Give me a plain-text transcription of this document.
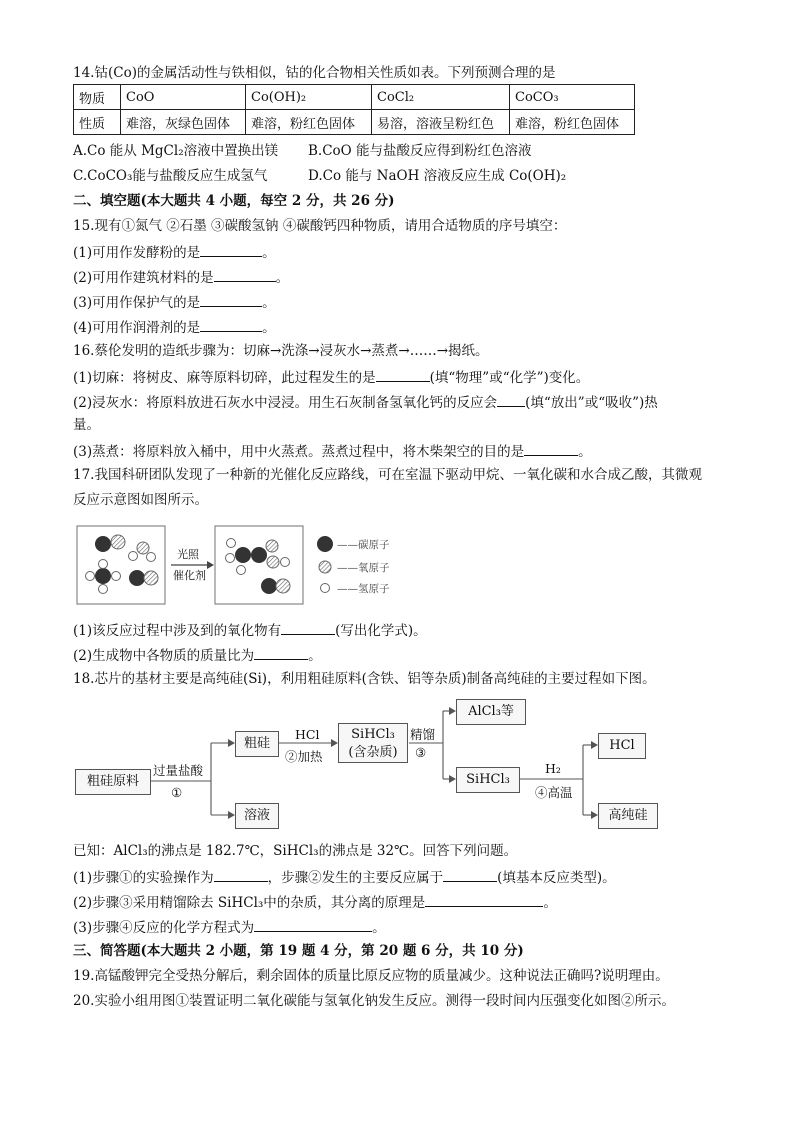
14.钴(Co)的金属活动性与铁相似，钴的化合物相关性质如表。下列预测合理的是
物质	CoO	Co(OH)₂	CoCl₂	CoCO₃
性质	难溶，灰绿色固体	难溶，粉红色固体	易溶，溶液呈粉红色	难溶，粉红色固体
A.Co 能从 MgCl₂溶液中置换出镁 B.CoO 能与盐酸反应得到粉红色溶液
C.CoCO₃能与盐酸反应生成氢气	D.Co 能与 NaOH 溶液反应生成 Co(OH)₂
二、填空题(本大题共 4 小题，每空 2 分，共 26 分)
15.现有①氮气 ②石墨 ③碳酸氢钠 ④碳酸钙四种物质，请用合适物质的序号填空：
(1)可用作发酵粉的是	。
(2)可用作建筑材料的是	。
(3)可用作保护气的是	。
(4)可用作润滑剂的是	。
16.蔡伦发明的造纸步骤为：切麻→洗涤→浸灰水→蒸煮→……→揭纸。
(1)切麻：将树皮、麻等原料切碎，此过程发生的是	(填“物理”或“化学”)变化。
(2)浸灰水：将原料放进石灰水中浸浸。用生石灰制备氢氧化钙的反应会 (填“放出”或“吸收”)热
量。
(3)蒸煮：将原料放入桶中，用中火蒸煮。蒸煮过程中，将木柴架空的目的是	。
17.我国科研团队发现了一种新的光催化反应路线，可在室温下驱动甲烷、一氧化碳和水合成乙酸，其微观
反应示意图如图所示。
光照
催化剂
——碳原子
——氧原子
——氢原子
(1)该反应过程中涉及到的氧化物有	(写出化学式)。
(2)生成物中各物质的质量比为	。
18.芯片的基材主要是高纯硅(Si)，利用粗硅原料(含铁、铝等杂质)制备高纯硅的主要过程如下图。
粗硅原料
过量盐酸
①
粗硅
溶液
HCl
②加热
SiHCl₃
(含杂质)
精馏
③
AlCl₃等
SiHCl₃
H₂
④高温
HCl
高纯硅
已知：AlCl₃的沸点是 182.7℃，SiHCl₃的沸点是 32℃。回答下列问题。
(1)步骤①的实验操作为	，步骤②发生的主要反应属于	(填基本反应类型)。
(2)步骤③采用精馏除去 SiHCl₃中的杂质，其分离的原理是	。
(3)步骤④反应的化学方程式为	。
三、简答题(本大题共 2 小题，第 19 题 4 分，第 20 题 6 分，共 10 分)
19.高锰酸钾完全受热分解后，剩余固体的质量比原反应物的质量减少。这种说法正确吗?说明理由。
20.实验小组用图①装置证明二氧化碳能与氢氧化钠发生反应。测得一段时间内压强变化如图②所示。
